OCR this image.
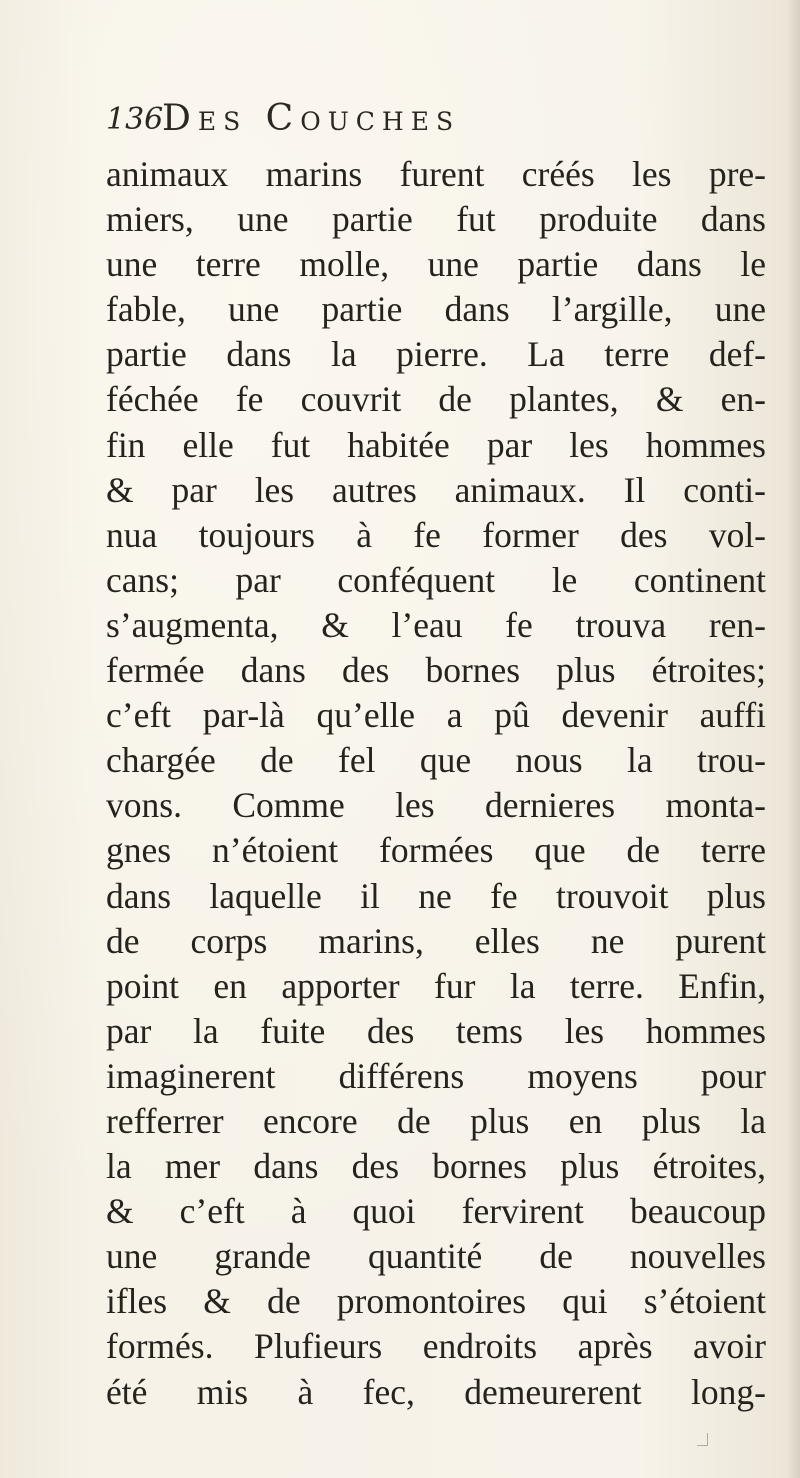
136
Des Couches
animaux marins furent créés les pre-
miers, une partie fut produite dans
une terre molle, une partie dans le
fable, une partie dans l’argille, une
partie dans la pierre. La terre def-
féchée fe couvrit de plantes, & en-
fin elle fut habitée par les hommes
& par les autres animaux. Il conti-
nua toujours à fe former des vol-
cans; par conféquent le continent
s’augmenta, & l’eau fe trouva ren-
fermée dans des bornes plus étroites;
c’eft par-là qu’elle a pû devenir auffi
chargée de fel que nous la trou-
vons. Comme les dernieres monta-
gnes n’étoient formées que de terre
dans laquelle il ne fe trouvoit plus
de corps marins, elles ne purent
point en apporter fur la terre. Enfin,
par la fuite des tems les hommes
imaginerent différens moyens pour
refferrer encore de plus en plus la
la mer dans des bornes plus étroites,
& c’eft à quoi fervirent beaucoup
une grande quantité de nouvelles
ifles & de promontoires qui s’étoient
formés. Plufieurs endroits après avoir
été mis à fec, demeurerent long-
